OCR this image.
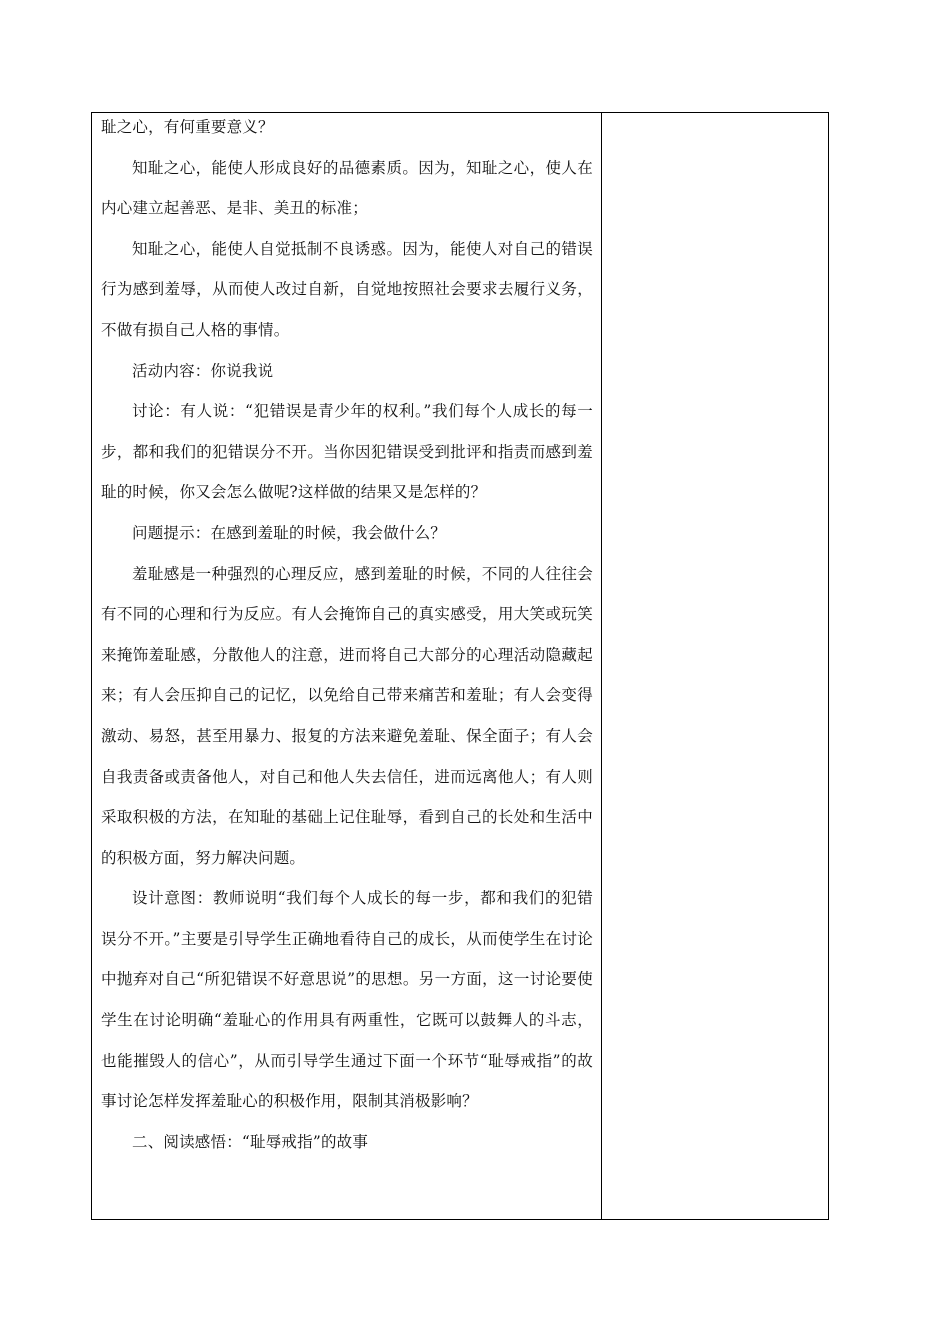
耻之心，有何重要意义？

知耻之心，能使人形成良好的品德素质。因为，知耻之心，使人在内心建立起善恶、是非、美丑的标准；

知耻之心，能使人自觉抵制不良诱惑。因为，能使人对自己的错误行为感到羞辱，从而使人改过自新，自觉地按照社会要求去履行义务，不做有损自己人格的事情。

活动内容：你说我说

讨论：有人说：“犯错误是青少年的权利。”我们每个人成长的每一步，都和我们的犯错误分不开。当你因犯错误受到批评和指责而感到羞耻的时候，你又会怎么做呢?这样做的结果又是怎样的？

问题提示：在感到羞耻的时候，我会做什么？

羞耻感是一种强烈的心理反应，感到羞耻的时候，不同的人往往会有不同的心理和行为反应。有人会掩饰自己的真实感受，用大笑或玩笑来掩饰羞耻感，分散他人的注意，进而将自己大部分的心理活动隐藏起来；有人会压抑自己的记忆，以免给自己带来痛苦和羞耻；有人会变得激动、易怒，甚至用暴力、报复的方法来避免羞耻、保全面子；有人会自我责备或责备他人，对自己和他人失去信任，进而远离他人；有人则采取积极的方法，在知耻的基础上记住耻辱，看到自己的长处和生活中的积极方面，努力解决问题。

设计意图：教师说明“我们每个人成长的每一步，都和我们的犯错误分不开。”主要是引导学生正确地看待自己的成长，从而使学生在讨论中抛弃对自己“所犯错误不好意思说”的思想。另一方面，这一讨论要使学生在讨论明确“羞耻心的作用具有两重性，它既可以鼓舞人的斗志，也能摧毁人的信心”，从而引导学生通过下面一个环节“耻辱戒指”的故事讨论怎样发挥羞耻心的积极作用，限制其消极影响？

二、阅读感悟：“耻辱戒指”的故事
